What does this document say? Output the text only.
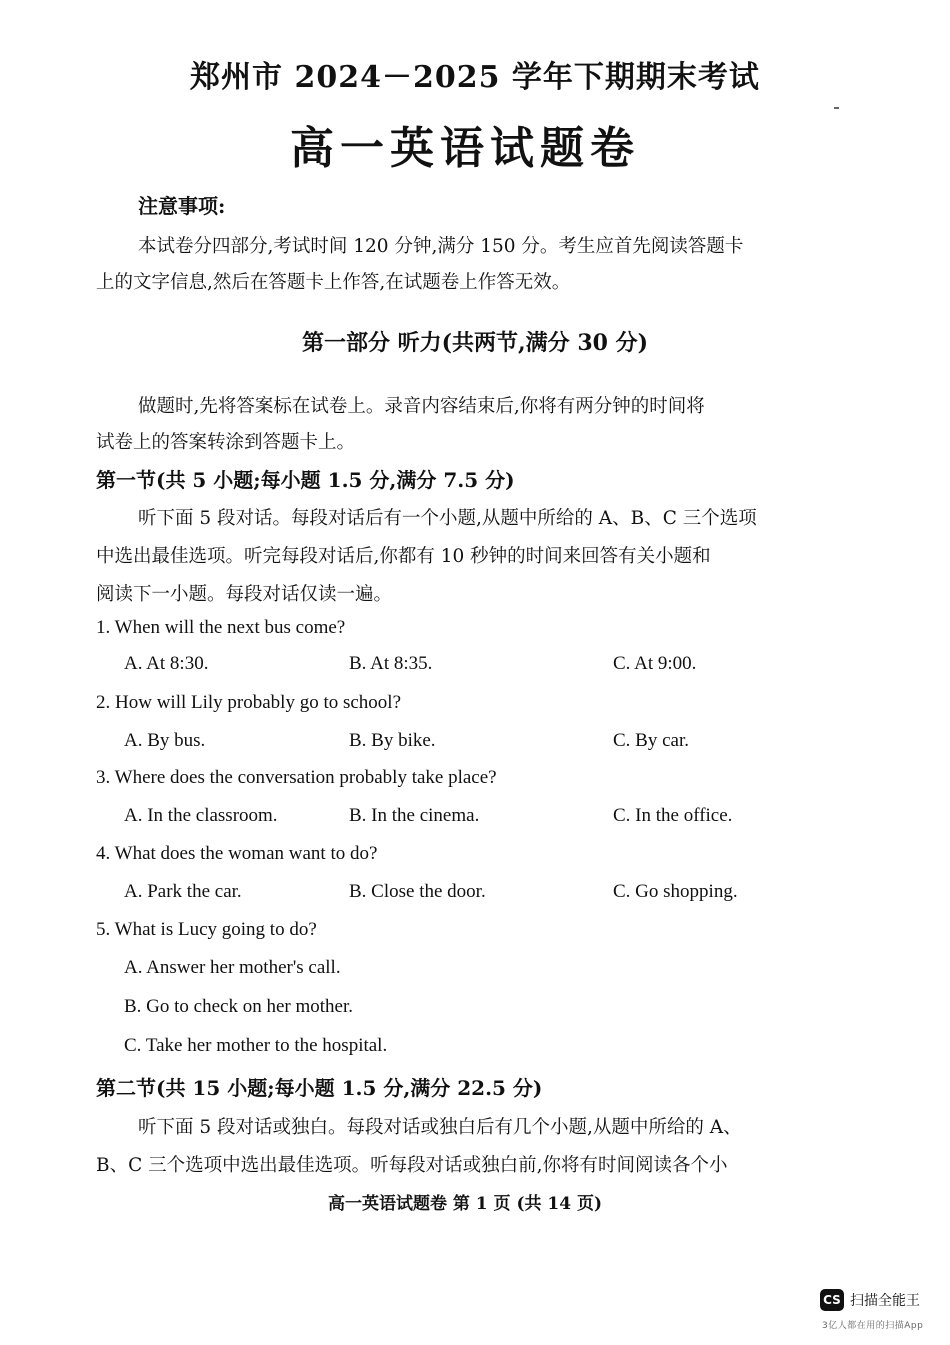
郑州市 2024－2025 学年下期期末考试
高一英语试题卷
注意事项:
本试卷分四部分,考试时间 120 分钟,满分 150 分。考生应首先阅读答题卡
上的文字信息,然后在答题卡上作答,在试题卷上作答无效。
第一部分 听力(共两节,满分 30 分)
做题时,先将答案标在试卷上。录音内容结束后,你将有两分钟的时间将
试卷上的答案转涂到答题卡上。
第一节(共 5 小题;每小题 1.5 分,满分 7.5 分)
听下面 5 段对话。每段对话后有一个小题,从题中所给的 A、B、C 三个选项
中选出最佳选项。听完每段对话后,你都有 10 秒钟的时间来回答有关小题和
阅读下一小题。每段对话仅读一遍。
1. When will the next bus come?
A. At 8:30.	B. At 8:35.	C. At 9:00.
2. How will Lily probably go to school?
A. By bus.	B. By bike.	C. By car.
3. Where does the conversation probably take place?
A. In the classroom.	B. In the cinema.	C. In the office.
4. What does the woman want to do?
A. Park the car.	B. Close the door.	C. Go shopping.
5. What is Lucy going to do?
A. Answer her mother's call.
B. Go to check on her mother.
C. Take her mother to the hospital.
第二节(共 15 小题;每小题 1.5 分,满分 22.5 分)
听下面 5 段对话或独白。每段对话或独白后有几个小题,从题中所给的 A、
B、C 三个选项中选出最佳选项。听每段对话或独白前,你将有时间阅读各个小
高一英语试题卷 第 1 页 (共 14 页)
CS 扫描全能王
3亿人都在用的扫描App
